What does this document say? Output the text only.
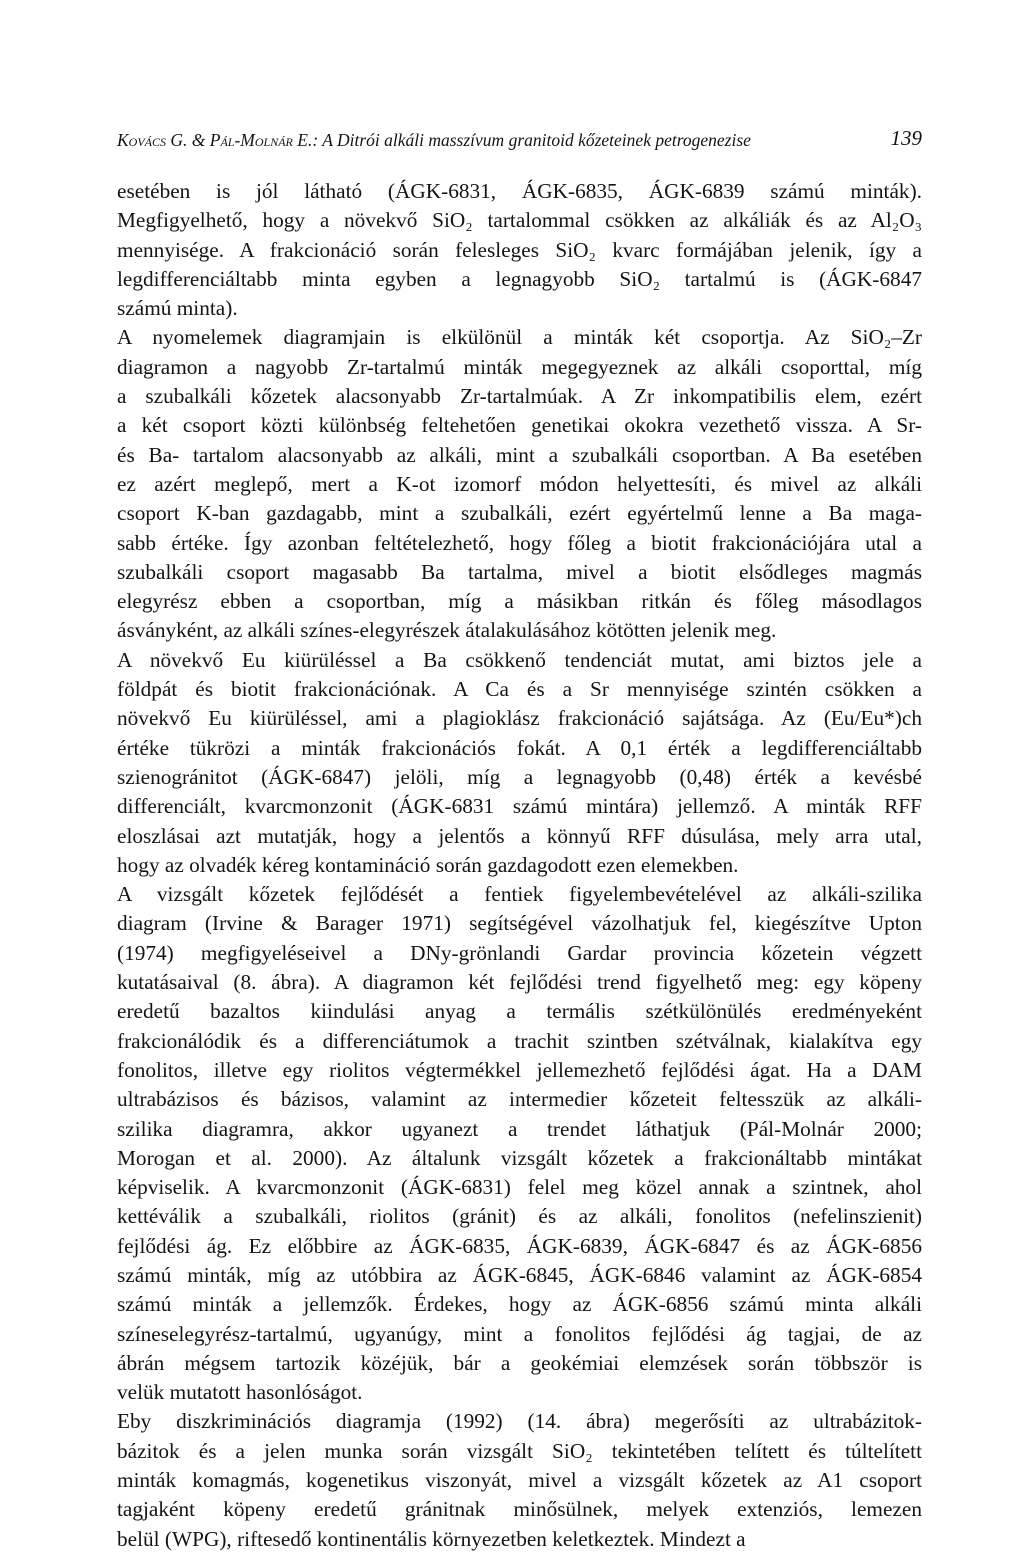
Kovács G. & Pál-Molnár E.: A Ditrói alkáli masszívum granitoid kőzeteinek petrogenezise	139
esetében is jól látható (ÁGK-6831, ÁGK-6835, ÁGK-6839 számú minták).
Megfigyelhető, hogy a növekvő SiO₂ tartalommal csökken az alkáliák és az Al₂O₃
mennyisége. A frakcionáció során felesleges SiO₂ kvarc formájában jelenik, így a
legdifferenciáltabb minta egyben a legnagyobb SiO₂ tartalmú is (ÁGK-6847
számú minta).
A nyomelemek diagramjain is elkülönül a minták két csoportja. Az SiO₂–Zr
diagramon a nagyobb Zr-tartalmú minták megegyeznek az alkáli csoporttal, míg
a szubalkáli kőzetek alacsonyabb Zr-tartalmúak. A Zr inkompatibilis elem, ezért
a két csoport közti különbség feltehetően genetikai okokra vezethető vissza. A Sr-
és Ba- tartalom alacsonyabb az alkáli, mint a szubalkáli csoportban. A Ba esetében
ez azért meglepő, mert a K-ot izomorf módon helyettesíti, és mivel az alkáli
csoport K-ban gazdagabb, mint a szubalkáli, ezért egyértelmű lenne a Ba maga-
sabb értéke. Így azonban feltételezhető, hogy főleg a biotit frakcionációjára utal a
szubalkáli csoport magasabb Ba tartalma, mivel a biotit elsődleges magmás
elegyrész ebben a csoportban, míg a másikban ritkán és főleg másodlagos
ásványként, az alkáli színes-elegyrészek átalakulásához kötötten jelenik meg.
A növekvő Eu kiürüléssel a Ba csökkenő tendenciát mutat, ami biztos jele a
földpát és biotit frakcionációnak. A Ca és a Sr mennyisége szintén csökken a
növekvő Eu kiürüléssel, ami a plagioklász frakcionáció sajátsága. Az (Eu/Eu*)ch
értéke tükrözi a minták frakcionációs fokát. A 0,1 érték a legdifferenciáltabb
szienogránitot (ÁGK-6847) jelöli, míg a legnagyobb (0,48) érték a kevésbé
differenciált, kvarcmonzonit (ÁGK-6831 számú mintára) jellemző. A minták RFF
eloszlásai azt mutatják, hogy a jelentős a könnyű RFF dúsulása, mely arra utal,
hogy az olvadék kéreg kontamináció során gazdagodott ezen elemekben.
A vizsgált kőzetek fejlődését a fentiek figyelembevételével az alkáli-szilika
diagram (Irvine & Barager 1971) segítségével vázolhatjuk fel, kiegészítve Upton
(1974) megfigyeléseivel a DNy-grönlandi Gardar provincia kőzetein végzett
kutatásaival (8. ábra). A diagramon két fejlődési trend figyelhető meg: egy köpeny
eredetű bazaltos kiindulási anyag a termális szétkülönülés eredményeként
frakcionálódik és a differenciátumok a trachit szintben szétválnak, kialakítva egy
fonolitos, illetve egy riolitos végtermékkel jellemezhető fejlődési ágat. Ha a DAM
ultrabázisos és bázisos, valamint az intermedier kőzeteit feltesszük az alkáli-
szilika diagramra, akkor ugyanezt a trendet láthatjuk (Pál-Molnár 2000;
Morogan et al. 2000). Az általunk vizsgált kőzetek a frakcionáltabb mintákat
képviselik. A kvarcmonzonit (ÁGK-6831) felel meg közel annak a szintnek, ahol
kettéválik a szubalkáli, riolitos (gránit) és az alkáli, fonolitos (nefelinszienit)
fejlődési ág. Ez előbbire az ÁGK-6835, ÁGK-6839, ÁGK-6847 és az ÁGK-6856
számú minták, míg az utóbbira az ÁGK-6845, ÁGK-6846 valamint az ÁGK-6854
számú minták a jellemzők. Érdekes, hogy az ÁGK-6856 számú minta alkáli
színeselegyrész-tartalmú, ugyanúgy, mint a fonolitos fejlődési ág tagjai, de az
ábrán mégsem tartozik közéjük, bár a geokémiai elemzések során többször is
velük mutatott hasonlóságot.
Eby diszkriminációs diagramja (1992) (14. ábra) megerősíti az ultrabázitok-
bázitok és a jelen munka során vizsgált SiO₂ tekintetében telített és túltelített
minták komagmás, kogenetikus viszonyát, mivel a vizsgált kőzetek az A1 csoport
tagjaként köpeny eredetű gránitnak minősülnek, melyek extenziós, lemezen
belül (WPG), riftesedő kontinentális környezetben keletkeztek. Mindezt a
